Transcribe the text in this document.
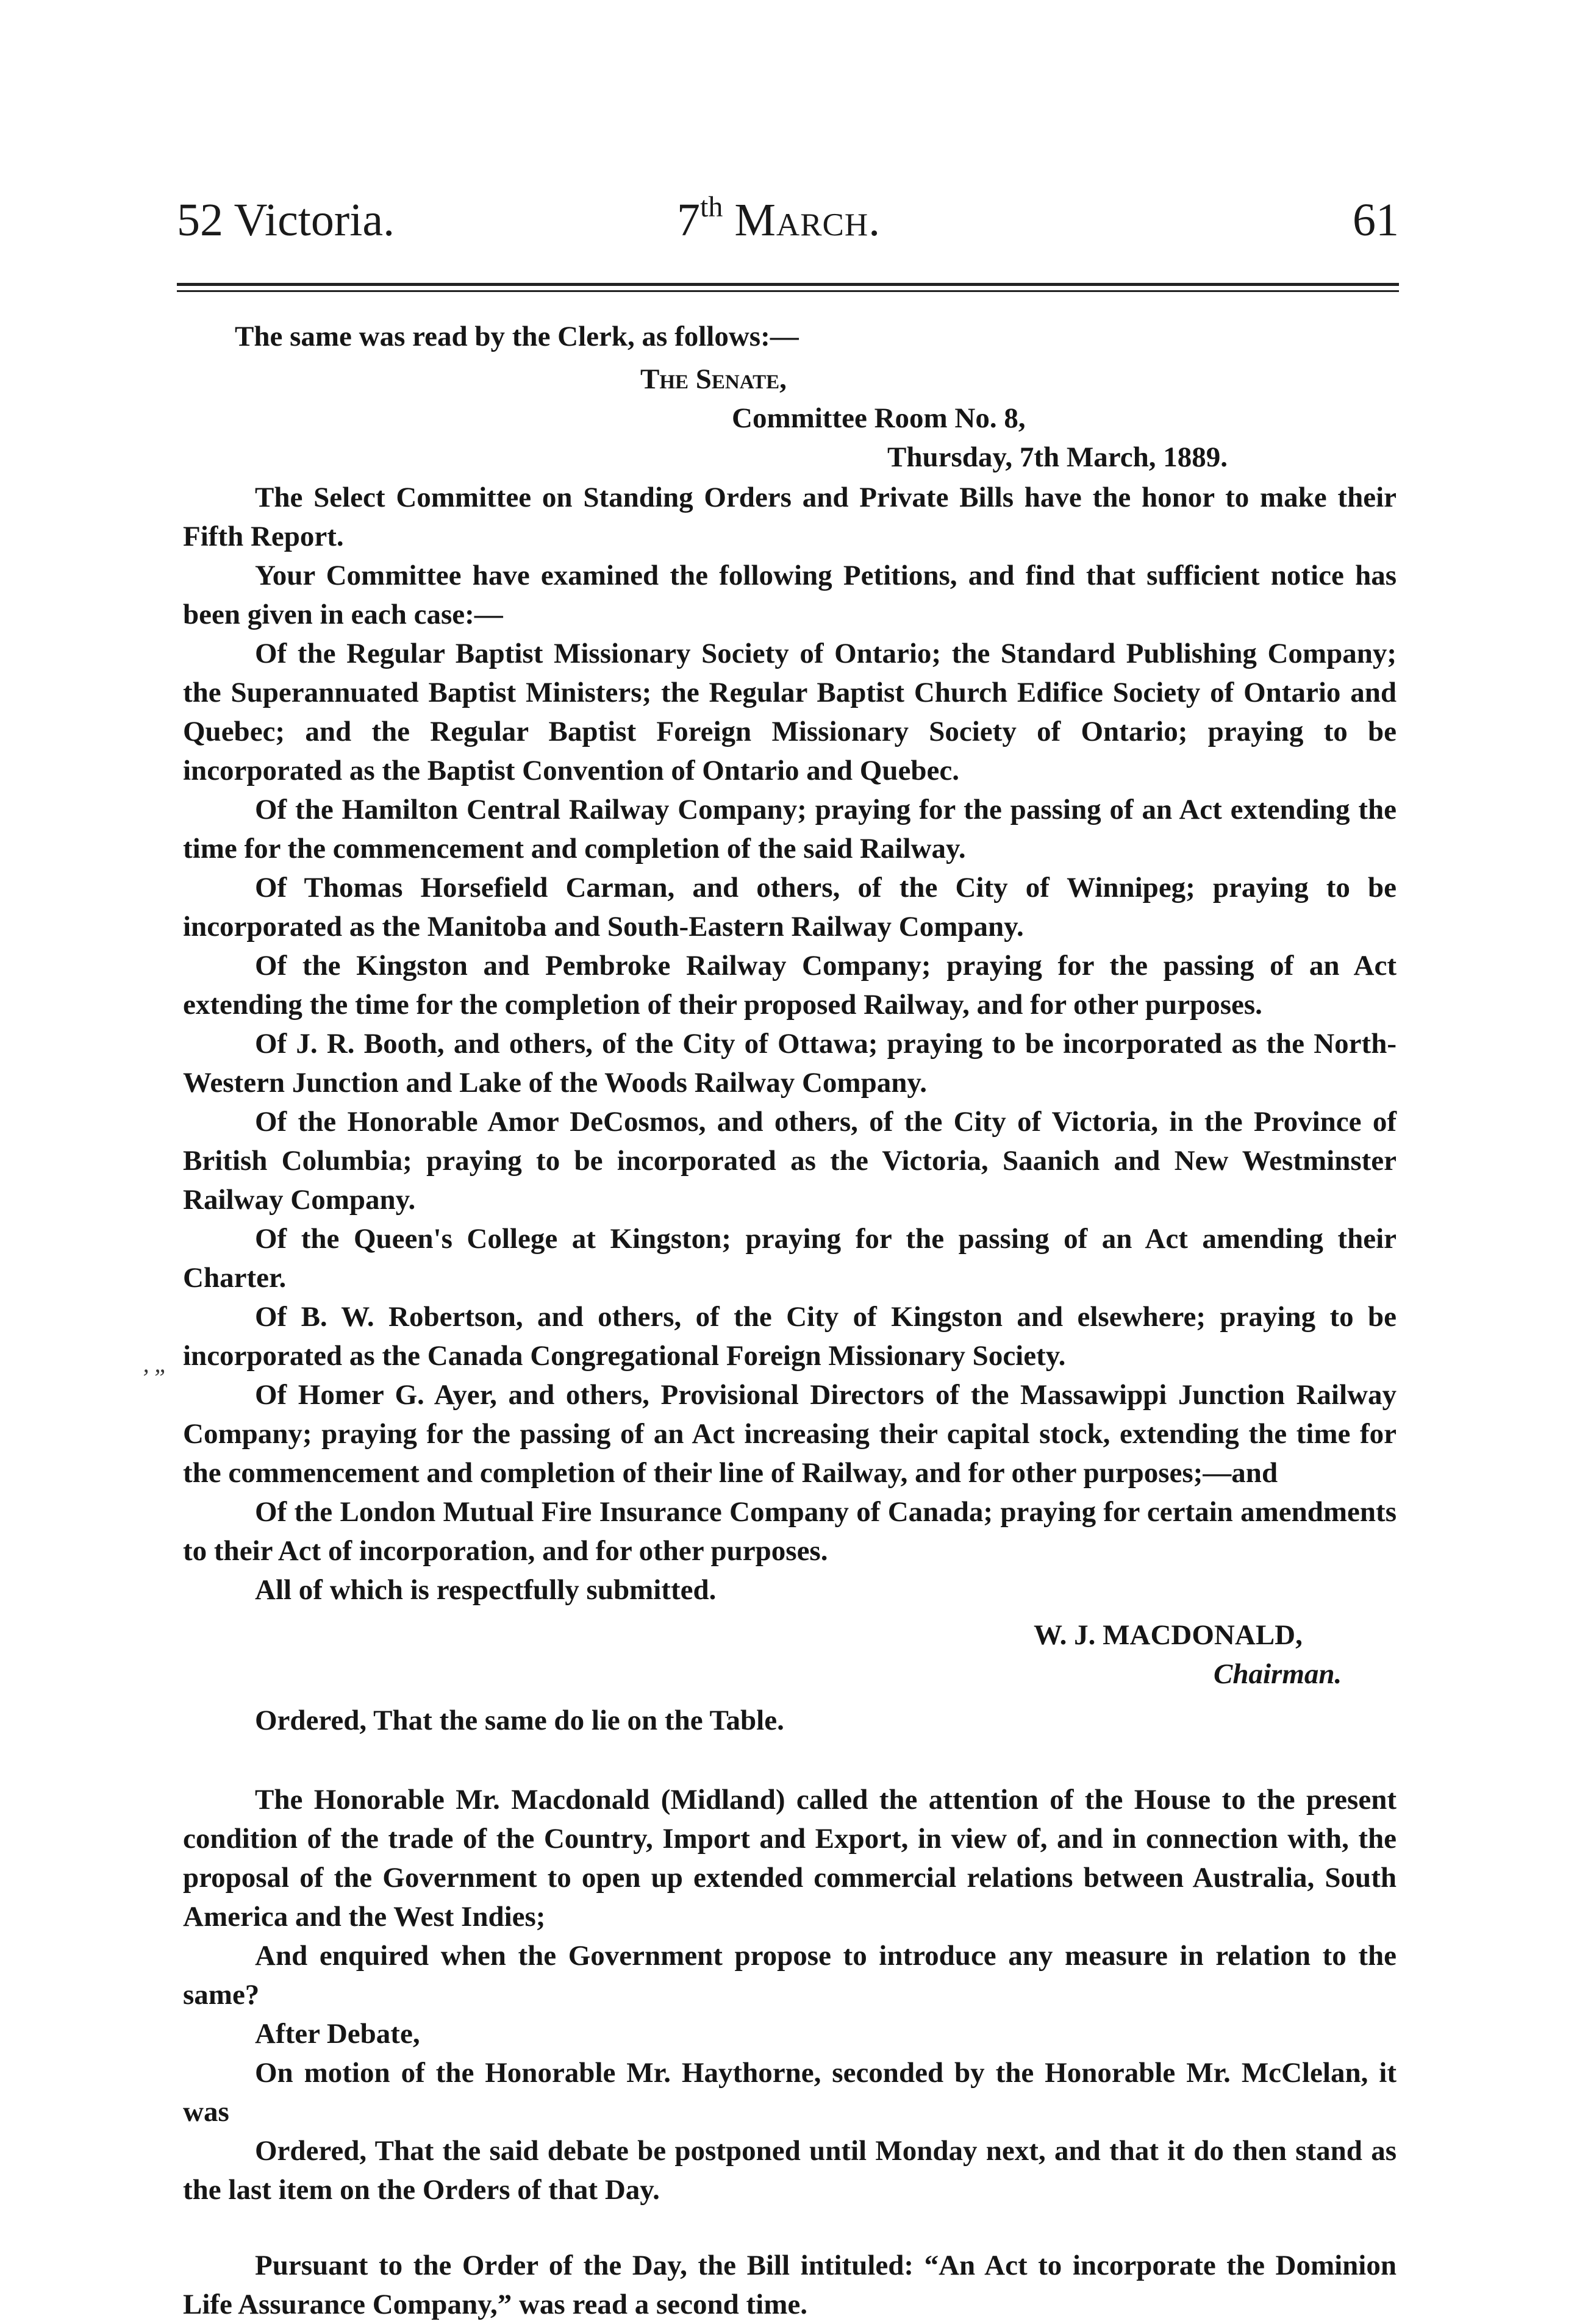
52 Victoria.	7th March.	61
’ ”

The same was read by the Clerk, as follows:—

The Senate,
Committee Room No. 8,
Thursday, 7th March, 1889.

The Select Committee on Standing Orders and Private Bills have the honor to make their Fifth Report.

Your Committee have examined the following Petitions, and find that sufficient notice has been given in each case:—

Of the Regular Baptist Missionary Society of Ontario; the Standard Publishing Company; the Superannuated Baptist Ministers; the Regular Baptist Church Edifice Society of Ontario and Quebec; and the Regular Baptist Foreign Missionary Society of Ontario; praying to be incorporated as the Baptist Convention of Ontario and Quebec.

Of the Hamilton Central Railway Company; praying for the passing of an Act extending the time for the commencement and completion of the said Railway.

Of Thomas Horsefield Carman, and others, of the City of Winnipeg; praying to be incorporated as the Manitoba and South-Eastern Railway Company.

Of the Kingston and Pembroke Railway Company; praying for the passing of an Act extending the time for the completion of their proposed Railway, and for other purposes.

Of J. R. Booth, and others, of the City of Ottawa; praying to be incorporated as the North-Western Junction and Lake of the Woods Railway Company.

Of the Honorable Amor DeCosmos, and others, of the City of Victoria, in the Province of British Columbia; praying to be incorporated as the Victoria, Saanich and New Westminster Railway Company.

Of the Queen's College at Kingston; praying for the passing of an Act amending their Charter.

Of B. W. Robertson, and others, of the City of Kingston and elsewhere; praying to be incorporated as the Canada Congregational Foreign Missionary Society.

Of Homer G. Ayer, and others, Provisional Directors of the Massawippi Junction Railway Company; praying for the passing of an Act increasing their capital stock, extending the time for the commencement and completion of their line of Railway, and for other purposes;—and

Of the London Mutual Fire Insurance Company of Canada; praying for certain amendments to their Act of incorporation, and for other purposes.

All of which is respectfully submitted.

W. J. MACDONALD,
Chairman.

Ordered, That the same do lie on the Table.

The Honorable Mr. Macdonald (Midland) called the attention of the House to the present condition of the trade of the Country, Import and Export, in view of, and in connection with, the proposal of the Government to open up extended commercial relations between Australia, South America and the West Indies;

And enquired when the Government propose to introduce any measure in relation to the same?

After Debate,

On motion of the Honorable Mr. Haythorne, seconded by the Honorable Mr. McClelan, it was

Ordered, That the said debate be postponed until Monday next, and that it do then stand as the last item on the Orders of that Day.

Pursuant to the Order of the Day, the Bill intituled: “An Act to incorporate the Dominion Life Assurance Company,” was read a second time.
